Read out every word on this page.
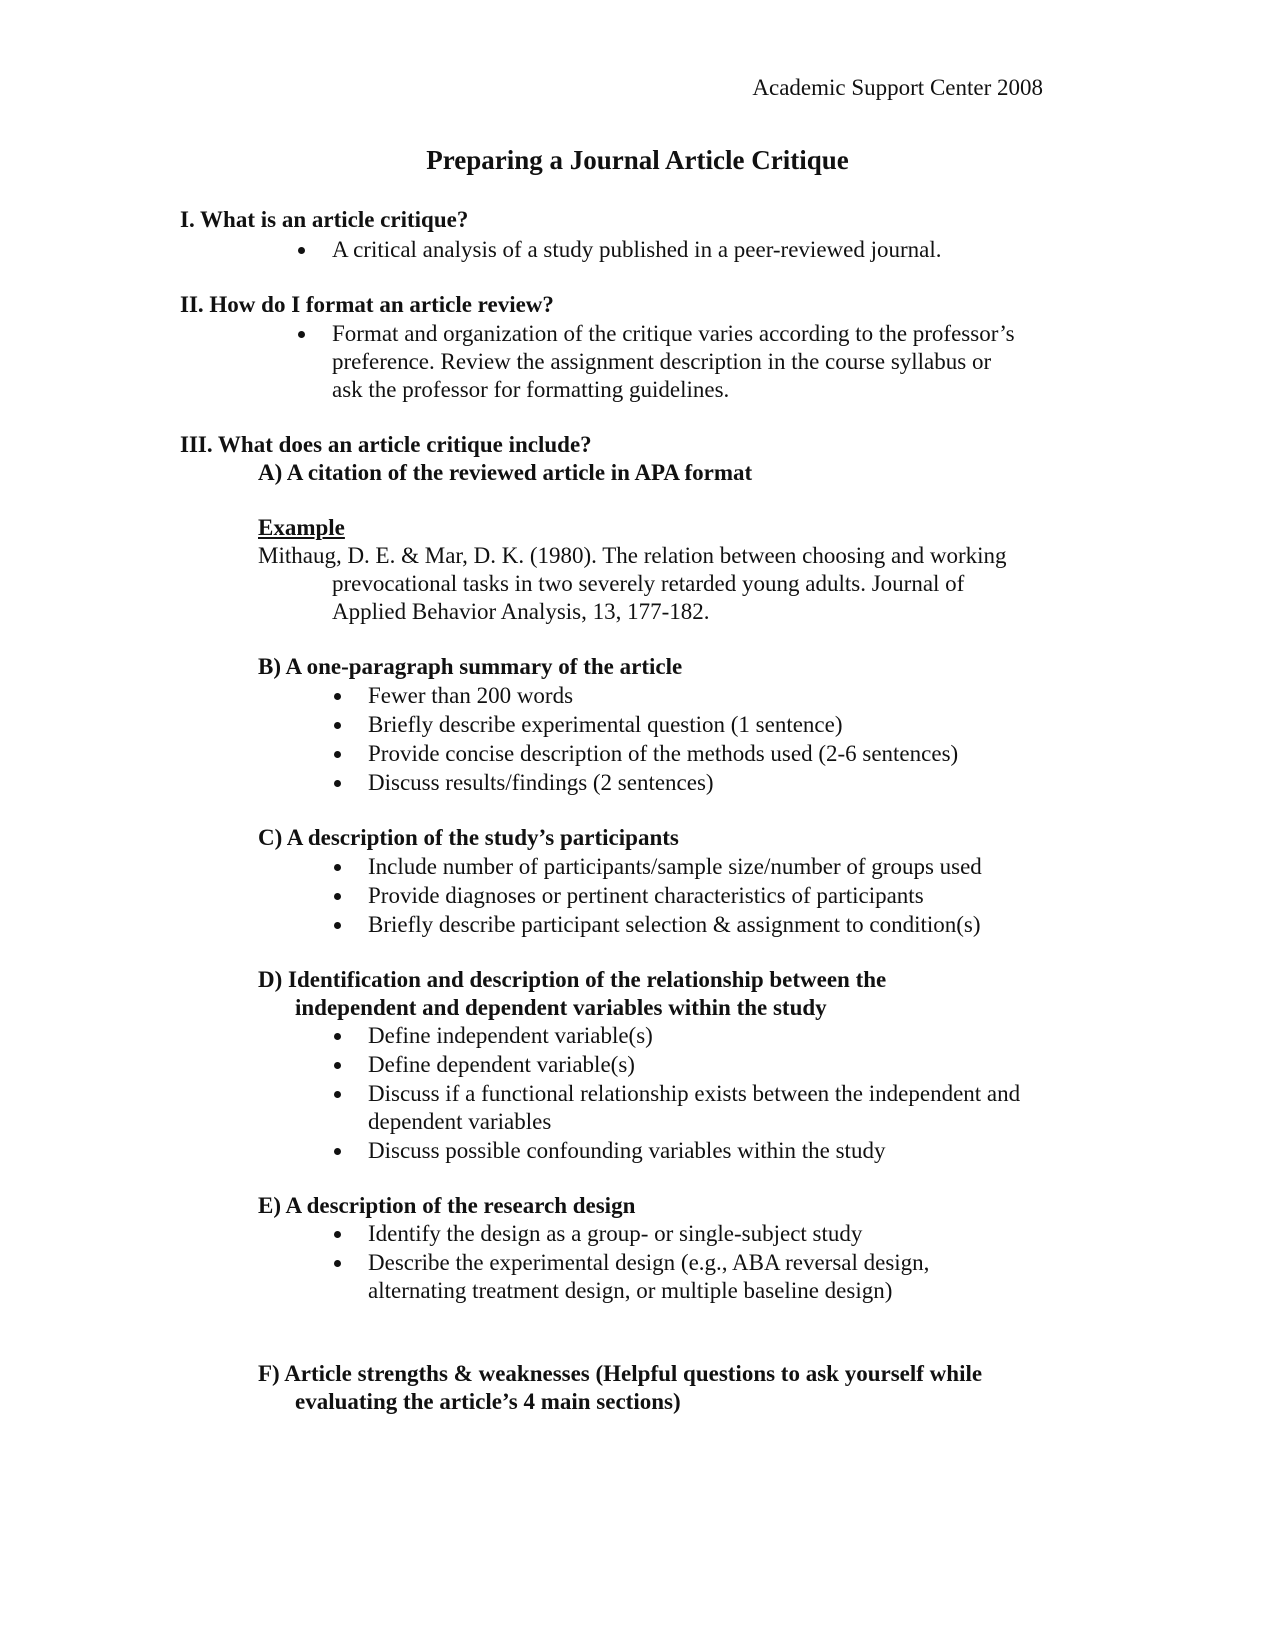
Academic Support Center 2008
Preparing a Journal Article Critique
I. What is an article critique?
A critical analysis of a study published in a peer-reviewed journal.
II. How do I format an article review?
Format and organization of the critique varies according to the professor’s
preference. Review the assignment description in the course syllabus or
ask the professor for formatting guidelines.
III. What does an article critique include?
A) A citation of the reviewed article in APA format
Example
Mithaug, D. E. & Mar, D. K. (1980). The relation between choosing and working
prevocational tasks in two severely retarded young adults. Journal of
Applied Behavior Analysis, 13, 177-182.
B) A one-paragraph summary of the article
Fewer than 200 words
Briefly describe experimental question (1 sentence)
Provide concise description of the methods used (2-6 sentences)
Discuss results/findings (2 sentences)
C) A description of the study’s participants
Include number of participants/sample size/number of groups used
Provide diagnoses or pertinent characteristics of participants
Briefly describe participant selection & assignment to condition(s)
D) Identification and description of the relationship between the
independent and dependent variables within the study
Define independent variable(s)
Define dependent variable(s)
Discuss if a functional relationship exists between the independent and
dependent variables
Discuss possible confounding variables within the study
E) A description of the research design
Identify the design as a group- or single-subject study
Describe the experimental design (e.g., ABA reversal design,
alternating treatment design, or multiple baseline design)
F) Article strengths & weaknesses (Helpful questions to ask yourself while
evaluating the article’s 4 main sections)
